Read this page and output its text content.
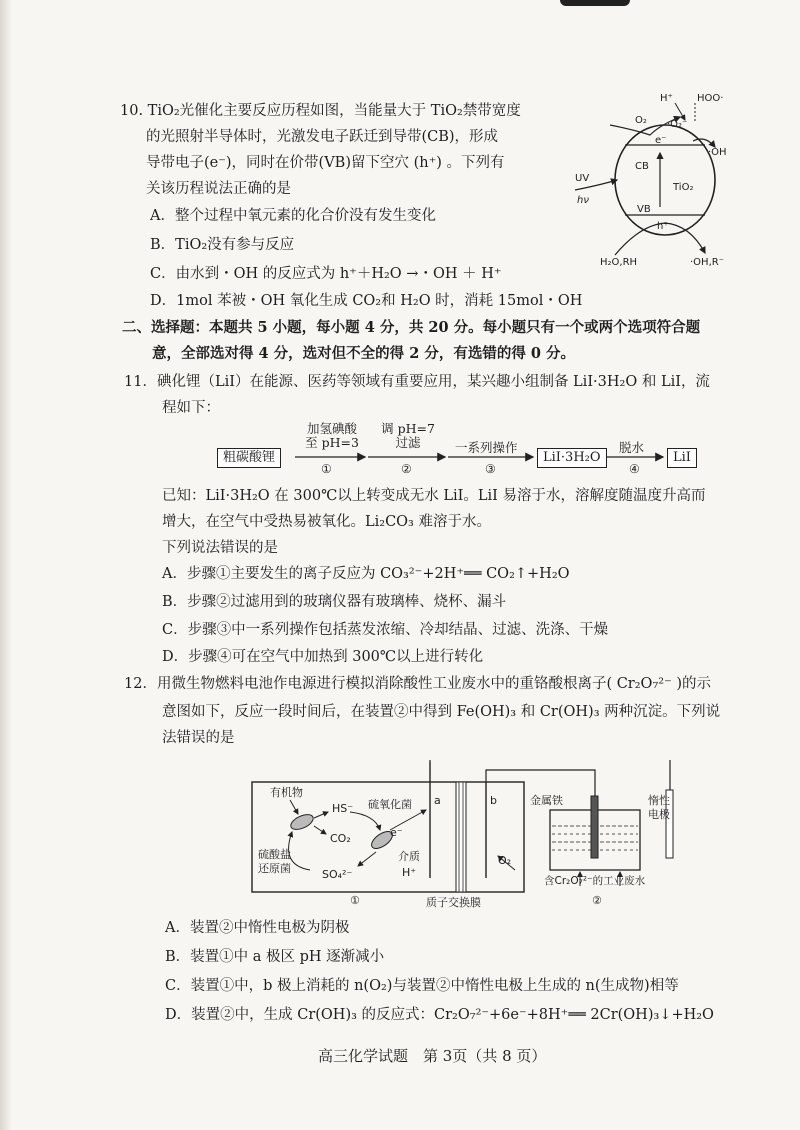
10. TiO₂光催化主要反应历程如图，当能量大于 TiO₂禁带宽度
的光照射半导体时，光激发电子跃迁到导带(CB)，形成
导带电子(e⁻)，同时在价带(VB)留下空穴 (h⁺) 。下列有
关该历程说法正确的是
A．整个过程中氧元素的化合价没有发生变化
B．TiO₂没有参与反应
C．由水到・OH 的反应式为 h⁺＋H₂O →・OH ＋ H⁺
D．1mol 苯被・OH 氧化生成 CO₂和 H₂O 时，消耗 15mol・OH
H⁺ HOO·
O₂ ·O₂⁻
·OH
e⁻
CB
UV
hν
TiO₂
VB
h⁺
H₂O,RH	·OH,R⁻
二、选择题：本题共 5 小题，每小题 4 分，共 20 分。每小题只有一个或两个选项符合题
意，全部选对得 4 分，选对但不全的得 2 分，有选错的得 0 分。
11．碘化锂（LiI）在能源、医药等领域有重要应用，某兴趣小组制备 LiI·3H₂O 和 LiI，流
程如下：
粗碳酸锂
加氢碘酸
至 pH=3
①
调 pH=7
过滤
②
一系列操作
③
LiI·3H₂O
脱水
④
LiI
已知：LiI·3H₂O 在 300℃以上转变成无水 LiI。LiI 易溶于水，溶解度随温度升高而
增大，在空气中受热易被氧化。Li₂CO₃ 难溶于水。
下列说法错误的是
A．步骤①主要发生的离子反应为 CO₃²⁻+2H⁺══ CO₂↑+H₂O
B．步骤②过滤用到的玻璃仪器有玻璃棒、烧杯、漏斗
C．步骤③中一系列操作包括蒸发浓缩、冷却结晶、过滤、洗涤、干燥
D．步骤④可在空气中加热到 300℃以上进行转化
12．用微生物燃料电池作电源进行模拟消除酸性工业废水中的重铬酸根离子( Cr₂O₇²⁻ )的示
意图如下，反应一段时间后，在装置②中得到 Fe(OH)₃ 和 Cr(OH)₃ 两种沉淀。下列说
法错误的是
有机物
HS⁻
CO₂
硫氧化菌
e⁻
硫酸盐
还原菌	SO₄²⁻
介质
H⁺
a	b
O₂
金属铁	惰性
电极
含Cr₂O₇²⁻的工业废水
质子交换膜
①	②
A．装置②中惰性电极为阴极
B．装置①中 a 极区 pH 逐渐减小
C．装置①中，b 极上消耗的 n(O₂)与装置②中惰性电极上生成的 n(生成物)相等
D．装置②中，生成 Cr(OH)₃ 的反应式：Cr₂O₇²⁻+6e⁻+8H⁺══ 2Cr(OH)₃↓+H₂O
高三化学试题　第 3页（共 8 页）
